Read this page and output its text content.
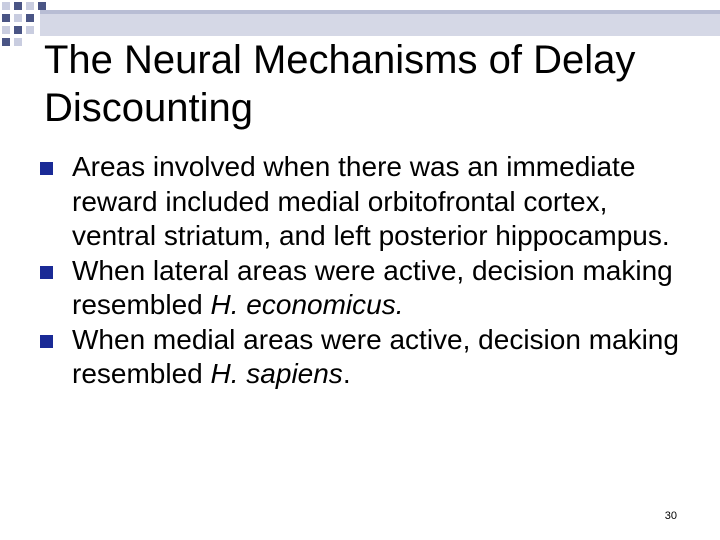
The Neural Mechanisms of Delay Discounting
Areas involved when there was an immediate reward included medial orbitofrontal cortex, ventral striatum, and left posterior hippocampus.
When lateral areas were active, decision making resembled H. economicus.
When medial areas were active, decision making resembled H. sapiens.
30
